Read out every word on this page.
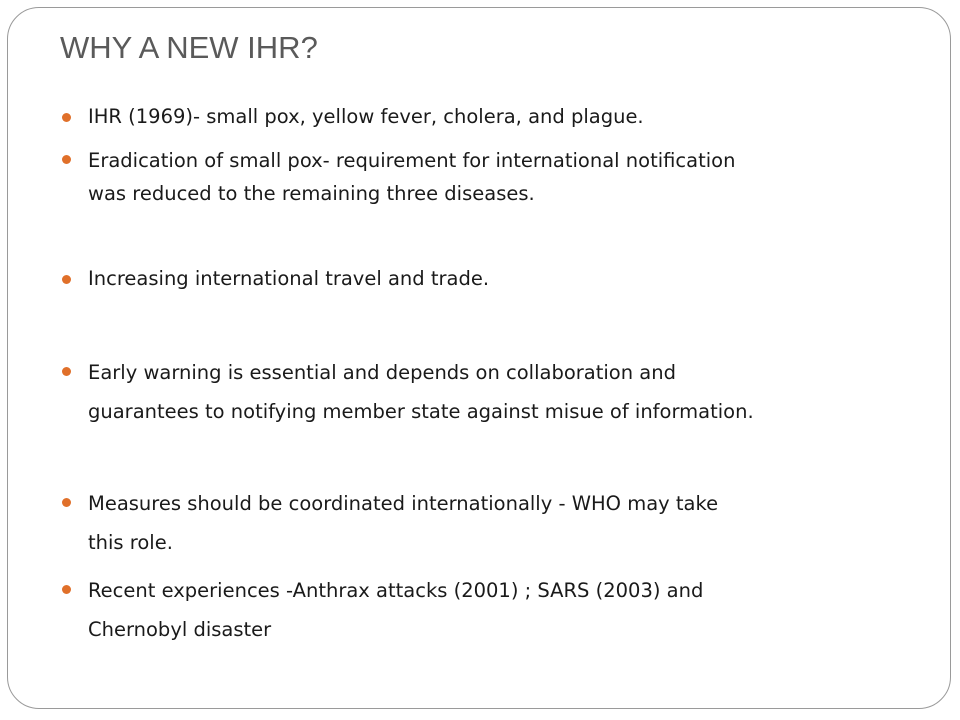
WHY A NEW IHR?
IHR (1969)- small pox, yellow fever, cholera, and plague.
Eradication of small pox- requirement for international notification
was reduced to the remaining three diseases.
Increasing international travel and trade.
Early warning is essential and depends on collaboration and
guarantees to notifying member state against misue of information.
Measures should be coordinated internationally - WHO may take
this role.
Recent experiences -Anthrax attacks (2001) ; SARS (2003) and
Chernobyl disaster
